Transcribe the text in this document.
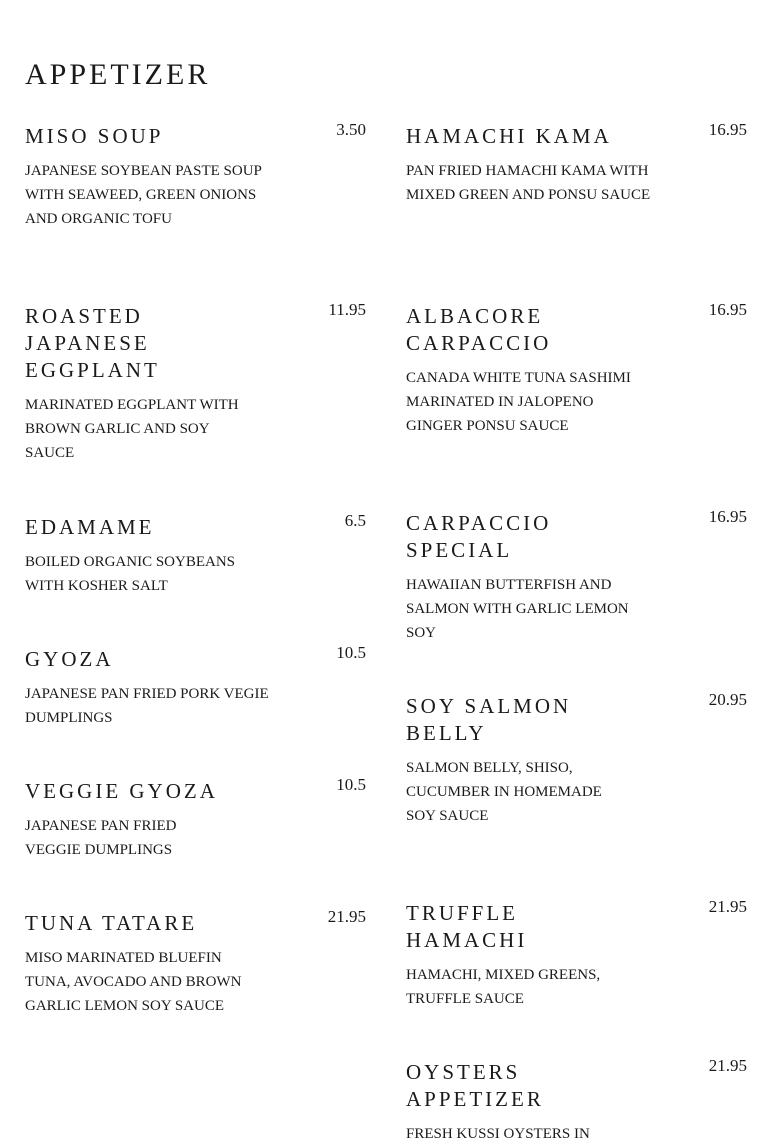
APPETIZER
MISO SOUP	3.50
JAPANESE SOYBEAN PASTE SOUP WITH SEAWEED, GREEN ONIONS AND ORGANIC TOFU
ROASTED JAPANESE EGGPLANT
11.95
MARINATED EGGPLANT WITH BROWN GARLIC AND SOY SAUCE
EDAMAME	6.5
BOILED ORGANIC SOYBEANS WITH KOSHER SALT
GYOZA	10.5
JAPANESE PAN FRIED PORK VEGIE DUMPLINGS
VEGGIE GYOZA	10.5
JAPANESE PAN FRIED VEGGIE DUMPLINGS
TUNA TATARE	21.95
MISO MARINATED BLUEFIN TUNA, AVOCADO AND BROWN GARLIC LEMON SOY SAUCE
HAMACHI KAMA	16.95
PAN FRIED HAMACHI KAMA WITH MIXED GREEN AND PONSU SAUCE
ALBACORE CARPACCIO
16.95
CANADA WHITE TUNA SASHIMI MARINATED IN JALOPENO GINGER PONSU SAUCE
CARPACCIO SPECIAL
16.95
HAWAIIAN BUTTERFISH AND SALMON WITH GARLIC LEMON SOY
SOY SALMON BELLY
20.95
SALMON BELLY, SHISO, CUCUMBER IN HOMEMADE SOY SAUCE
TRUFFLE HAMACHI
21.95
HAMACHI, MIXED GREENS, TRUFFLE SAUCE
OYSTERS APPETIZER
21.95
FRESH KUSSI OYSTERS IN
